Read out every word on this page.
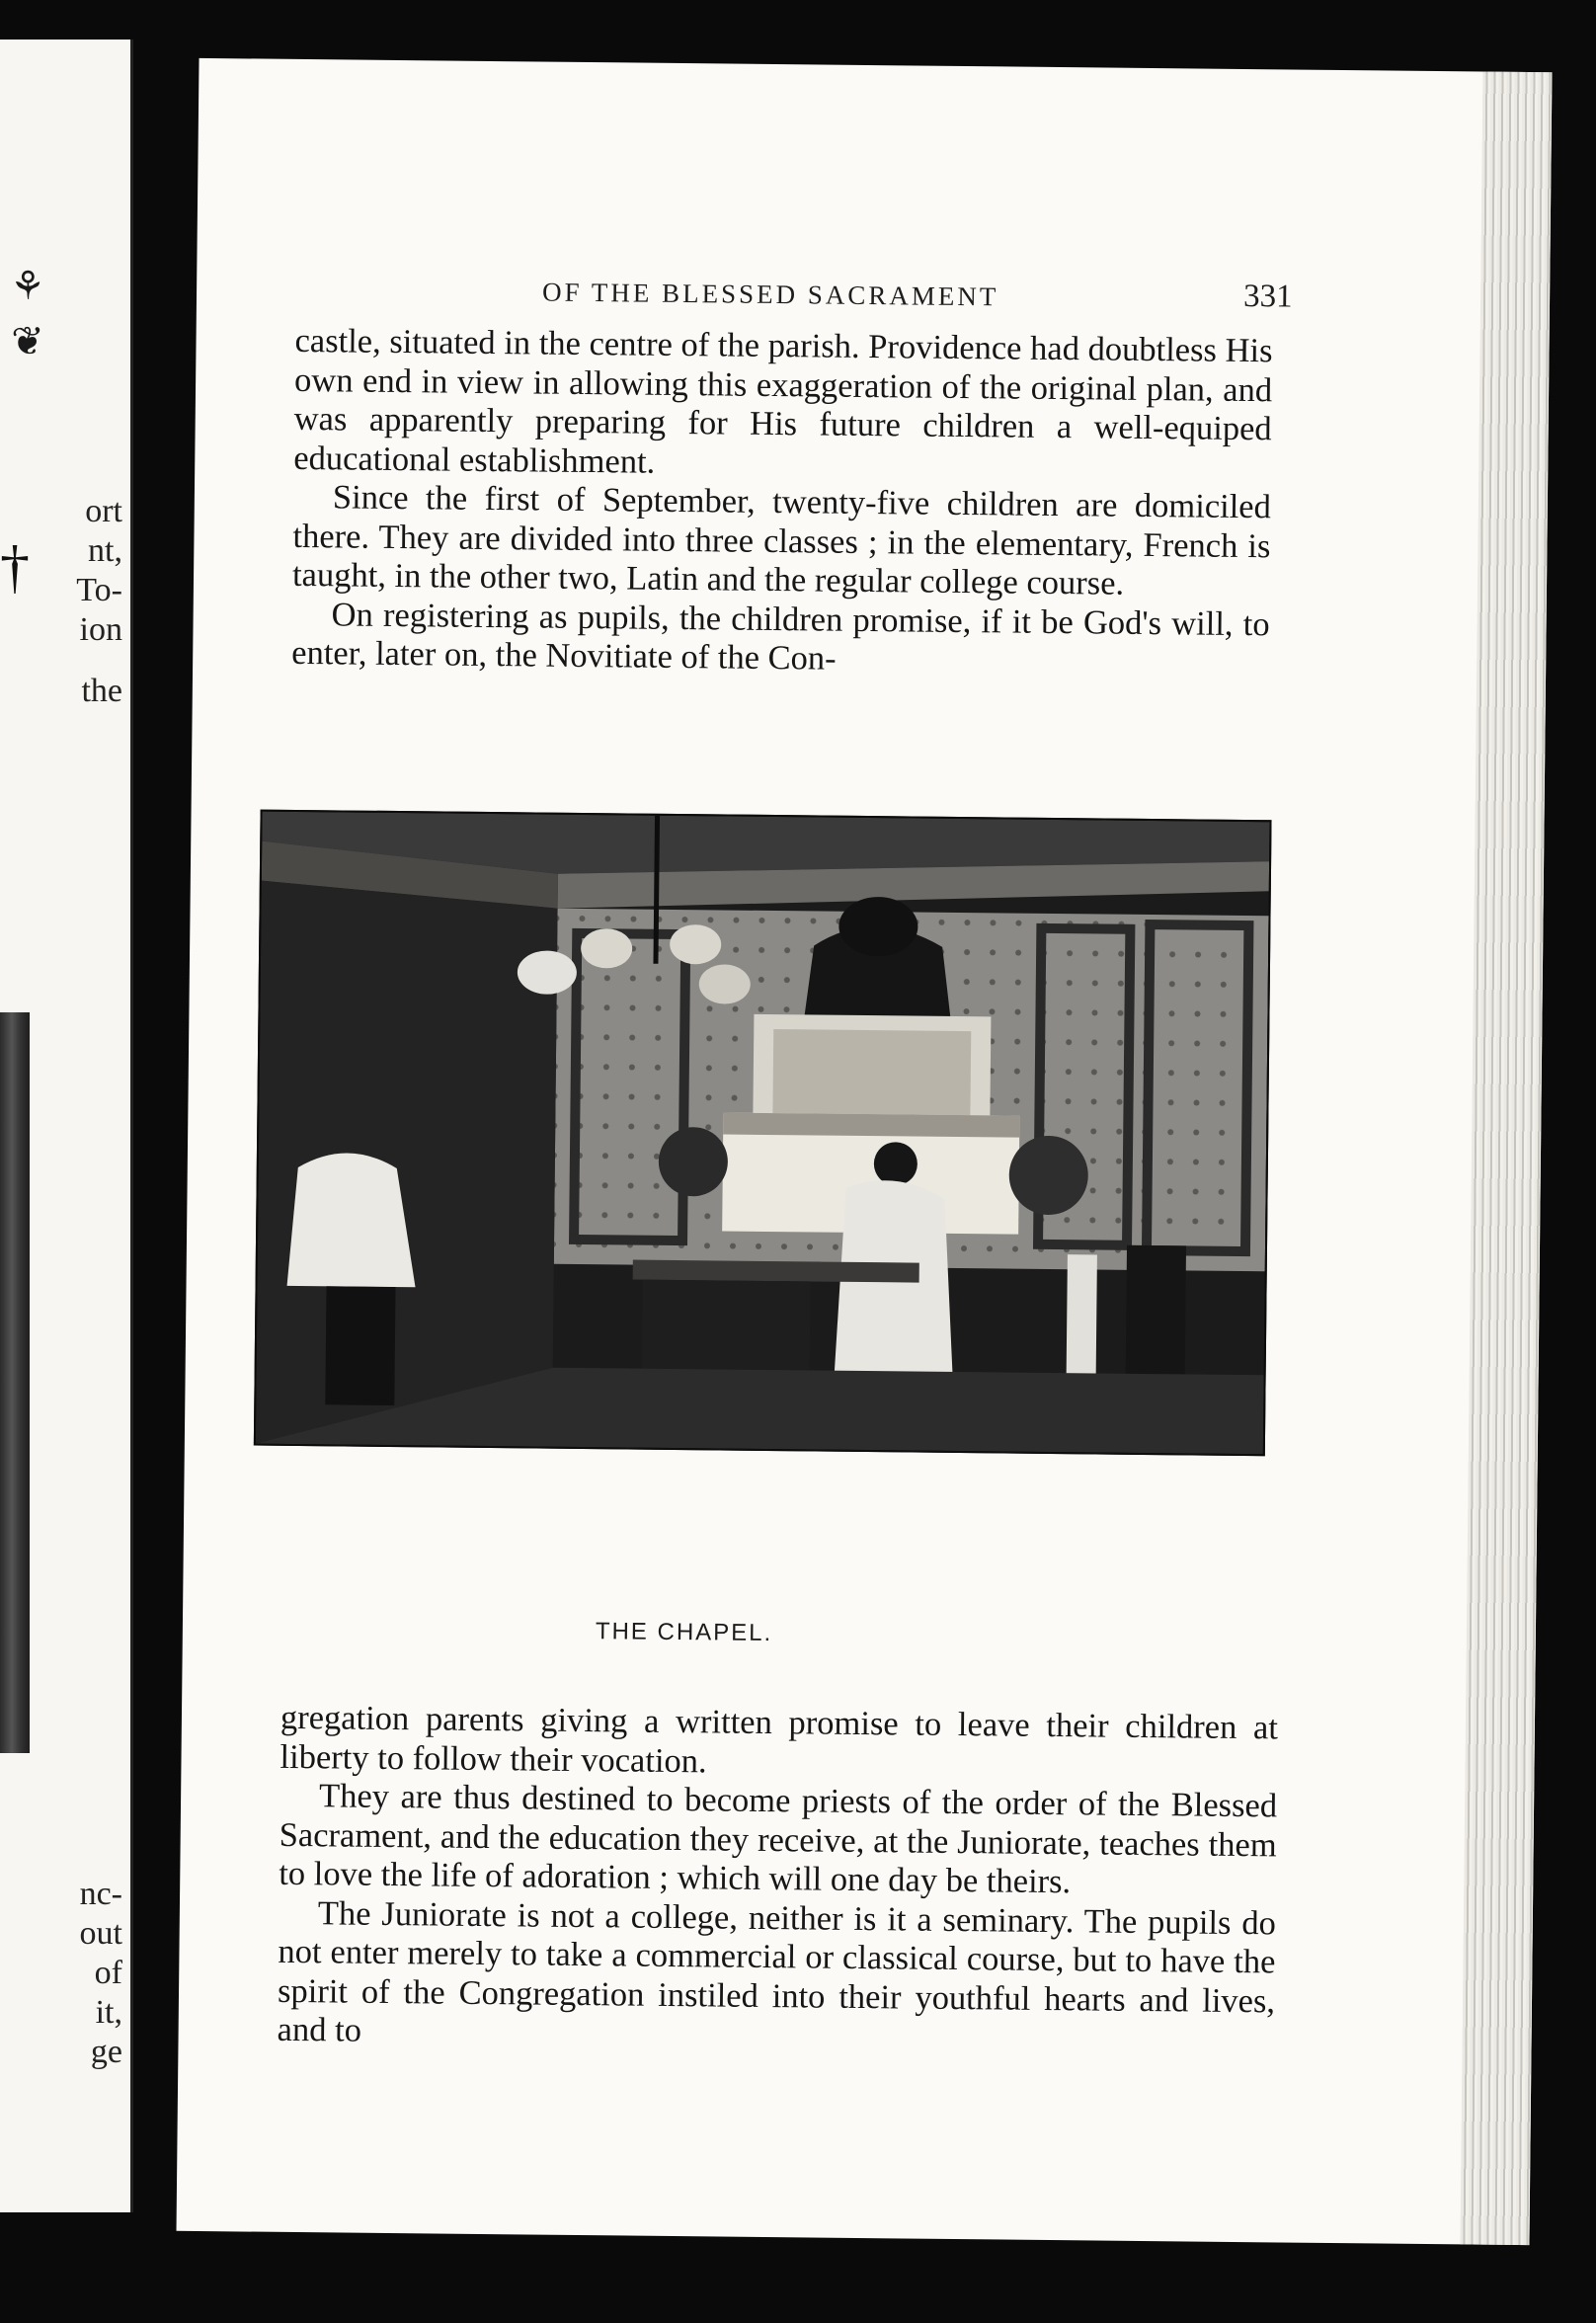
⚘
❦
†
ort
nt,
To-
ion
the
nc-
out
of
it,
ge
OF THE BLESSED SACRAMENT	331

castle, situated in the centre of the parish. Providence had doubtless His own end in view in allowing this exaggeration of the original plan, and was apparently preparing for His future children a well-equiped educational establishment.

Since the first of September, twenty-five children are domiciled there. They are divided into three classes ; in the elementary, French is taught, in the other two, Latin and the regular college course.

On registering as pupils, the children promise, if it be God's will, to enter, later on, the Novitiate of the Con-

THE CHAPEL.

gregation parents giving a written promise to leave their children at liberty to follow their vocation.

They are thus destined to become priests of the order of the Blessed Sacrament, and the education they receive, at the Juniorate, teaches them to love the life of adoration ; which will one day be theirs.

The Juniorate is not a college, neither is it a seminary. The pupils do not enter merely to take a commercial or classical course, but to have the spirit of the Congregation instiled into their youthful hearts and lives, and to
